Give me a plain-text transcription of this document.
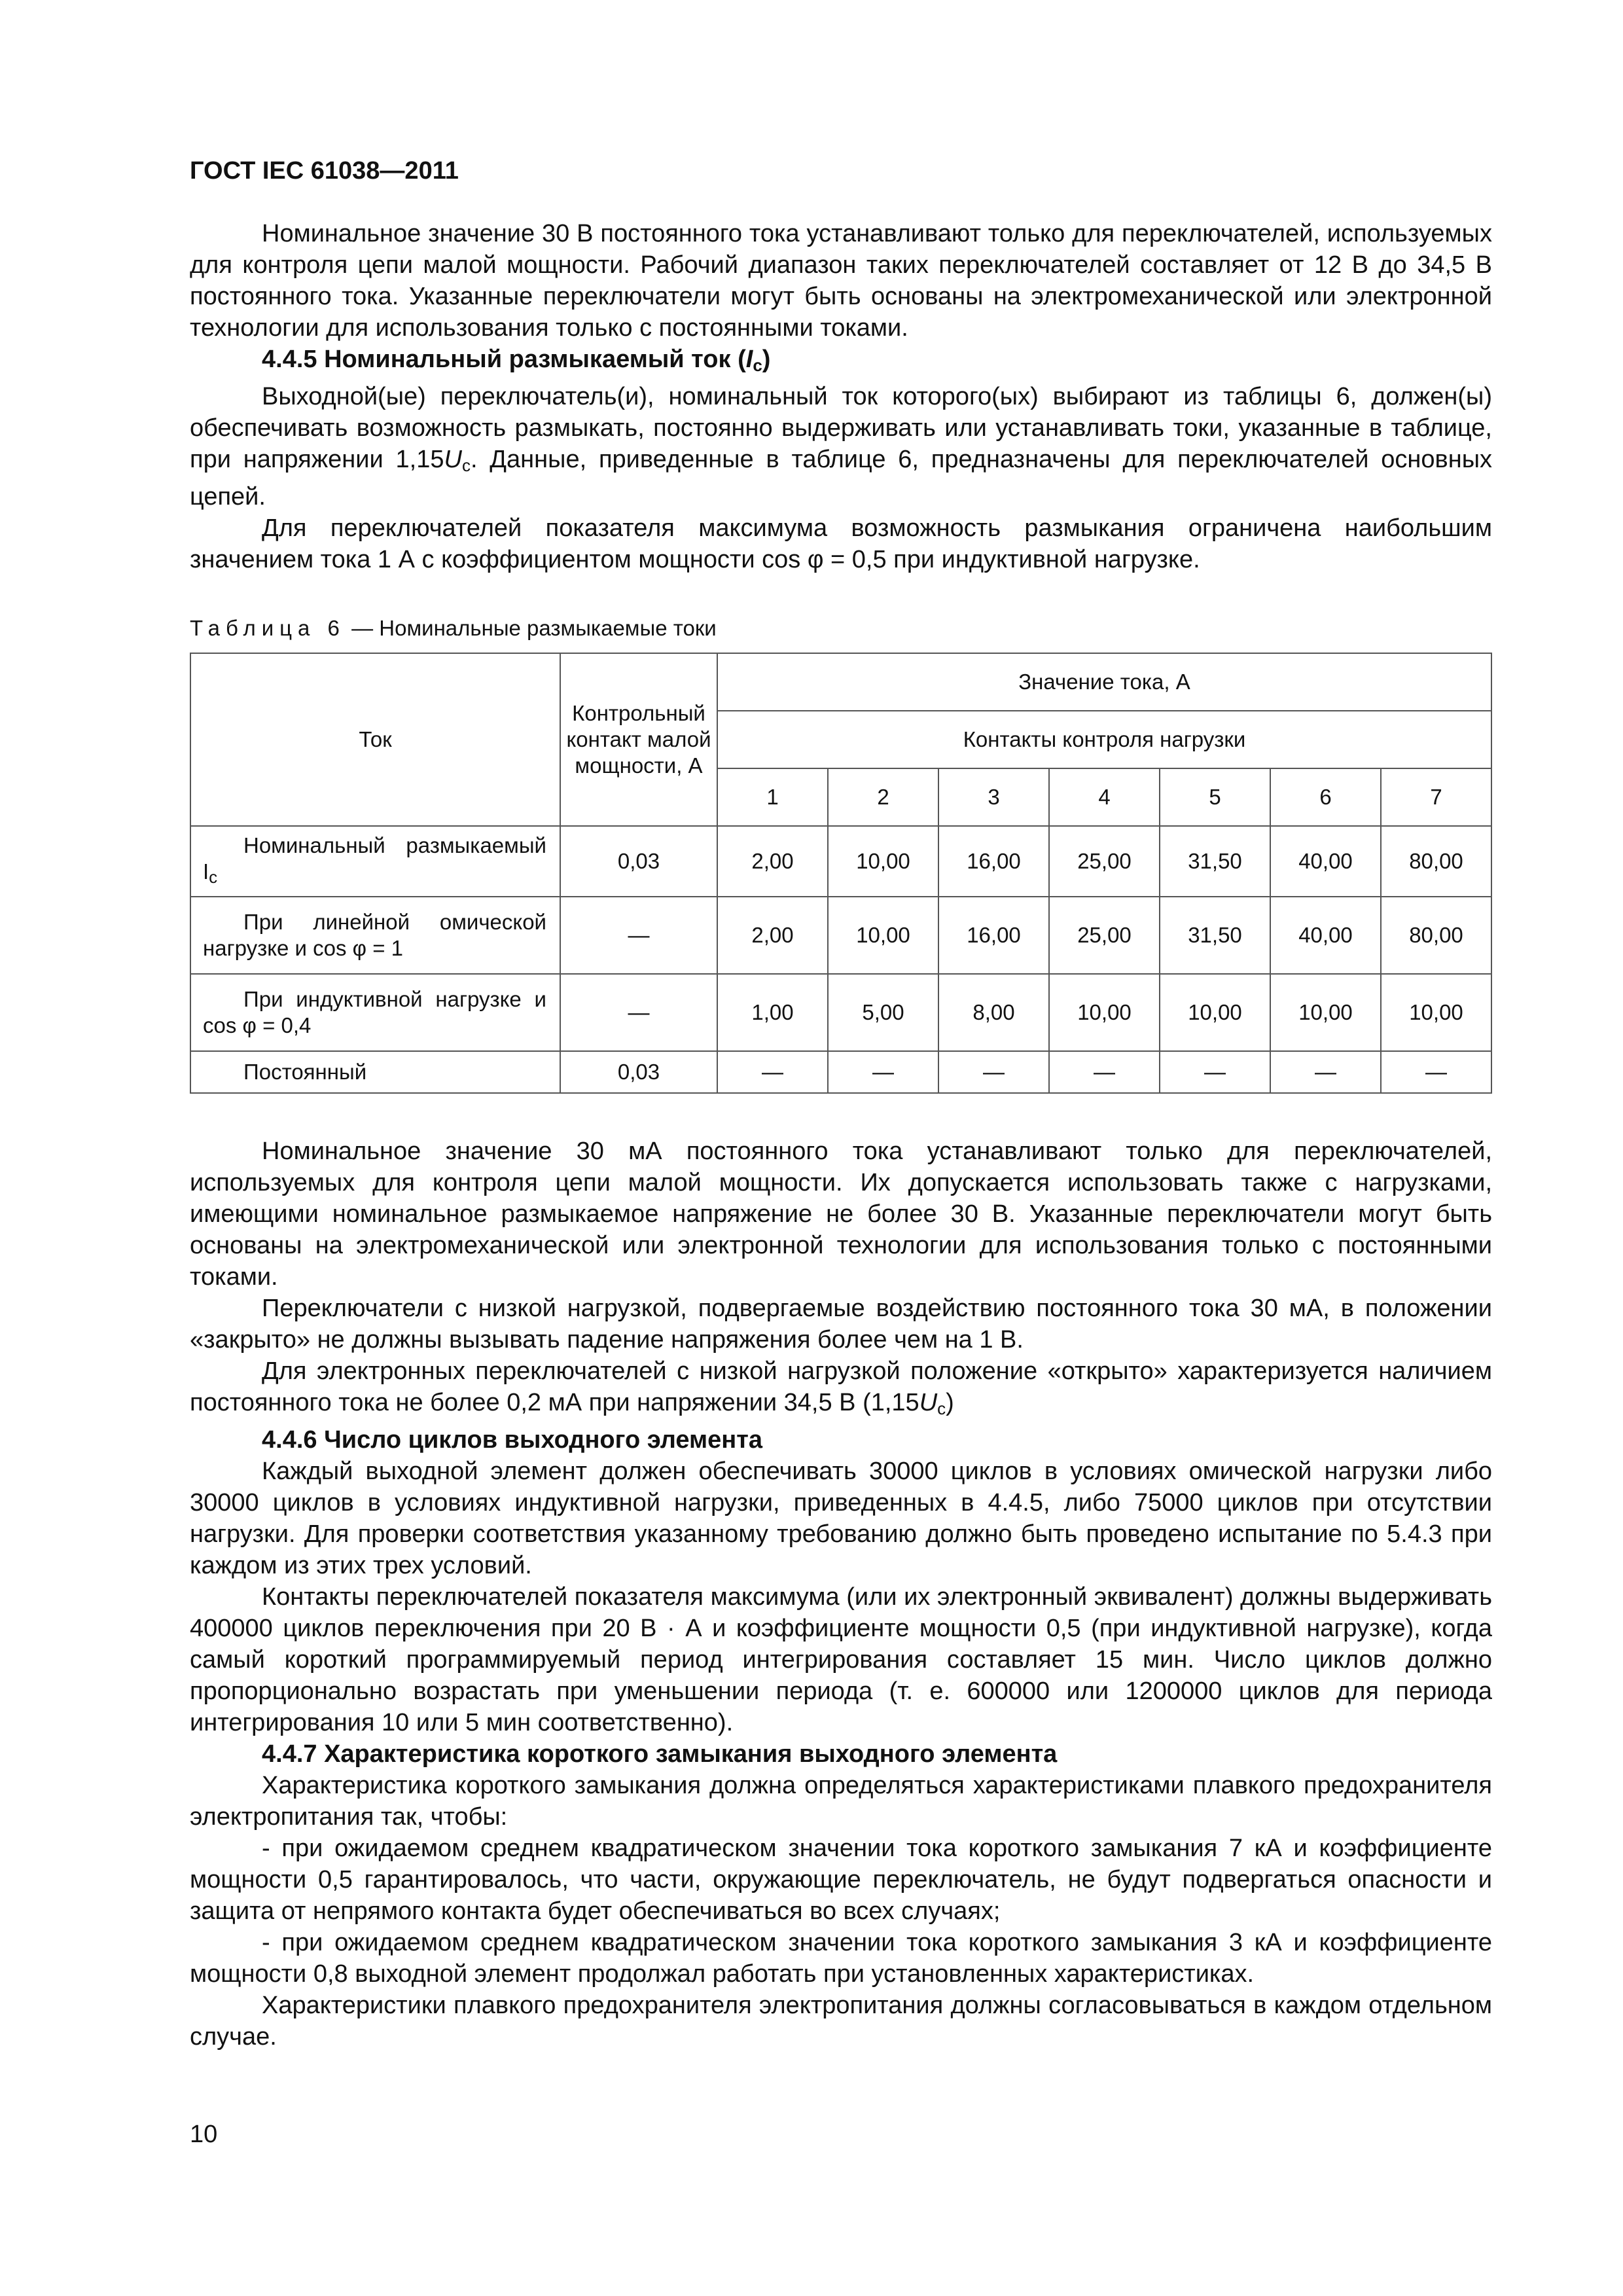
ГОСТ IEC 61038—2011

Номинальное значение 30 В постоянного тока устанавливают только для переключателей, используемых для контроля цепи малой мощности. Рабочий диапазон таких переключателей составляет от 12 В до 34,5 В постоянного тока. Указанные переключатели могут быть основаны на электромеханической или электронной технологии для использования только с постоянными токами.

4.4.5 Номинальный размыкаемый ток $(I_c)$

Выходной(ые) переключатель(и), номинальный ток которого(ых) выбирают из таблицы 6, должен(ы) обеспечивать возможность размыкать, постоянно выдерживать или устанавливать токи, указанные в таблице, при напряжении $1,15U_c$. Данные, приведенные в таблице 6, предназначены для переключателей основных цепей.

Для переключателей показателя максимума возможность размыкания ограничена наибольшим значением тока 1 А с коэффициентом мощности cos φ = 0,5 при индуктивной нагрузке.

Таблица 6 — Номинальные размыкаемые токи
Ток	Контрольный контакт малой мощности, А	Значение тока, А						
		Контакты контроля нагрузки						
		1	2	3	4	5	6	7
Номинальный размыкаемый $I_c$	0,03	2,00	10,00	16,00	25,00	31,50	40,00	80,00
При линейной омической нагрузке и cos φ = 1	—	2,00	10,00	16,00	25,00	31,50	40,00	80,00
При индуктивной нагрузке и cos φ = 0,4	—	1,00	5,00	8,00	10,00	10,00	10,00	10,00
Постоянный	0,03	—	—	—	—	—	—	—

Номинальное значение 30 мА постоянного тока устанавливают только для переключателей, используемых для контроля цепи малой мощности. Их допускается использовать также с нагрузками, имеющими номинальное размыкаемое напряжение не более 30 В. Указанные переключатели могут быть основаны на электромеханической или электронной технологии для использования только с постоянными токами.

Переключатели с низкой нагрузкой, подвергаемые воздействию постоянного тока 30 мА, в положении «закрыто» не должны вызывать падение напряжения более чем на 1 В.

Для электронных переключателей с низкой нагрузкой положение «открыто» характеризуется наличием постоянного тока не более 0,2 мА при напряжении 34,5 В $(1,15U_c)$

4.4.6 Число циклов выходного элемента

Каждый выходной элемент должен обеспечивать 30000 циклов в условиях омической нагрузки либо 30000 циклов в условиях индуктивной нагрузки, приведенных в 4.4.5, либо 75000 циклов при отсутствии нагрузки. Для проверки соответствия указанному требованию должно быть проведено испытание по 5.4.3 при каждом из этих трех условий.

Контакты переключателей показателя максимума (или их электронный эквивалент) должны выдерживать 400000 циклов переключения при 20 В · А и коэффициенте мощности 0,5 (при индуктивной нагрузке), когда самый короткий программируемый период интегрирования составляет 15 мин. Число циклов должно пропорционально возрастать при уменьшении периода (т. е. 600000 или 1200000 циклов для периода интегрирования 10 или 5 мин соответственно).

4.4.7 Характеристика короткого замыкания выходного элемента

Характеристика короткого замыкания должна определяться характеристиками плавкого предохранителя электропитания так, чтобы:

- при ожидаемом среднем квадратическом значении тока короткого замыкания 7 кА и коэффициенте мощности 0,5 гарантировалось, что части, окружающие переключатель, не будут подвергаться опасности и защита от непрямого контакта будет обеспечиваться во всех случаях;

- при ожидаемом среднем квадратическом значении тока короткого замыкания 3 кА и коэффициенте мощности 0,8 выходной элемент продолжал работать при установленных характеристиках.

Характеристики плавкого предохранителя электропитания должны согласовываться в каждом отдельном случае.

10
